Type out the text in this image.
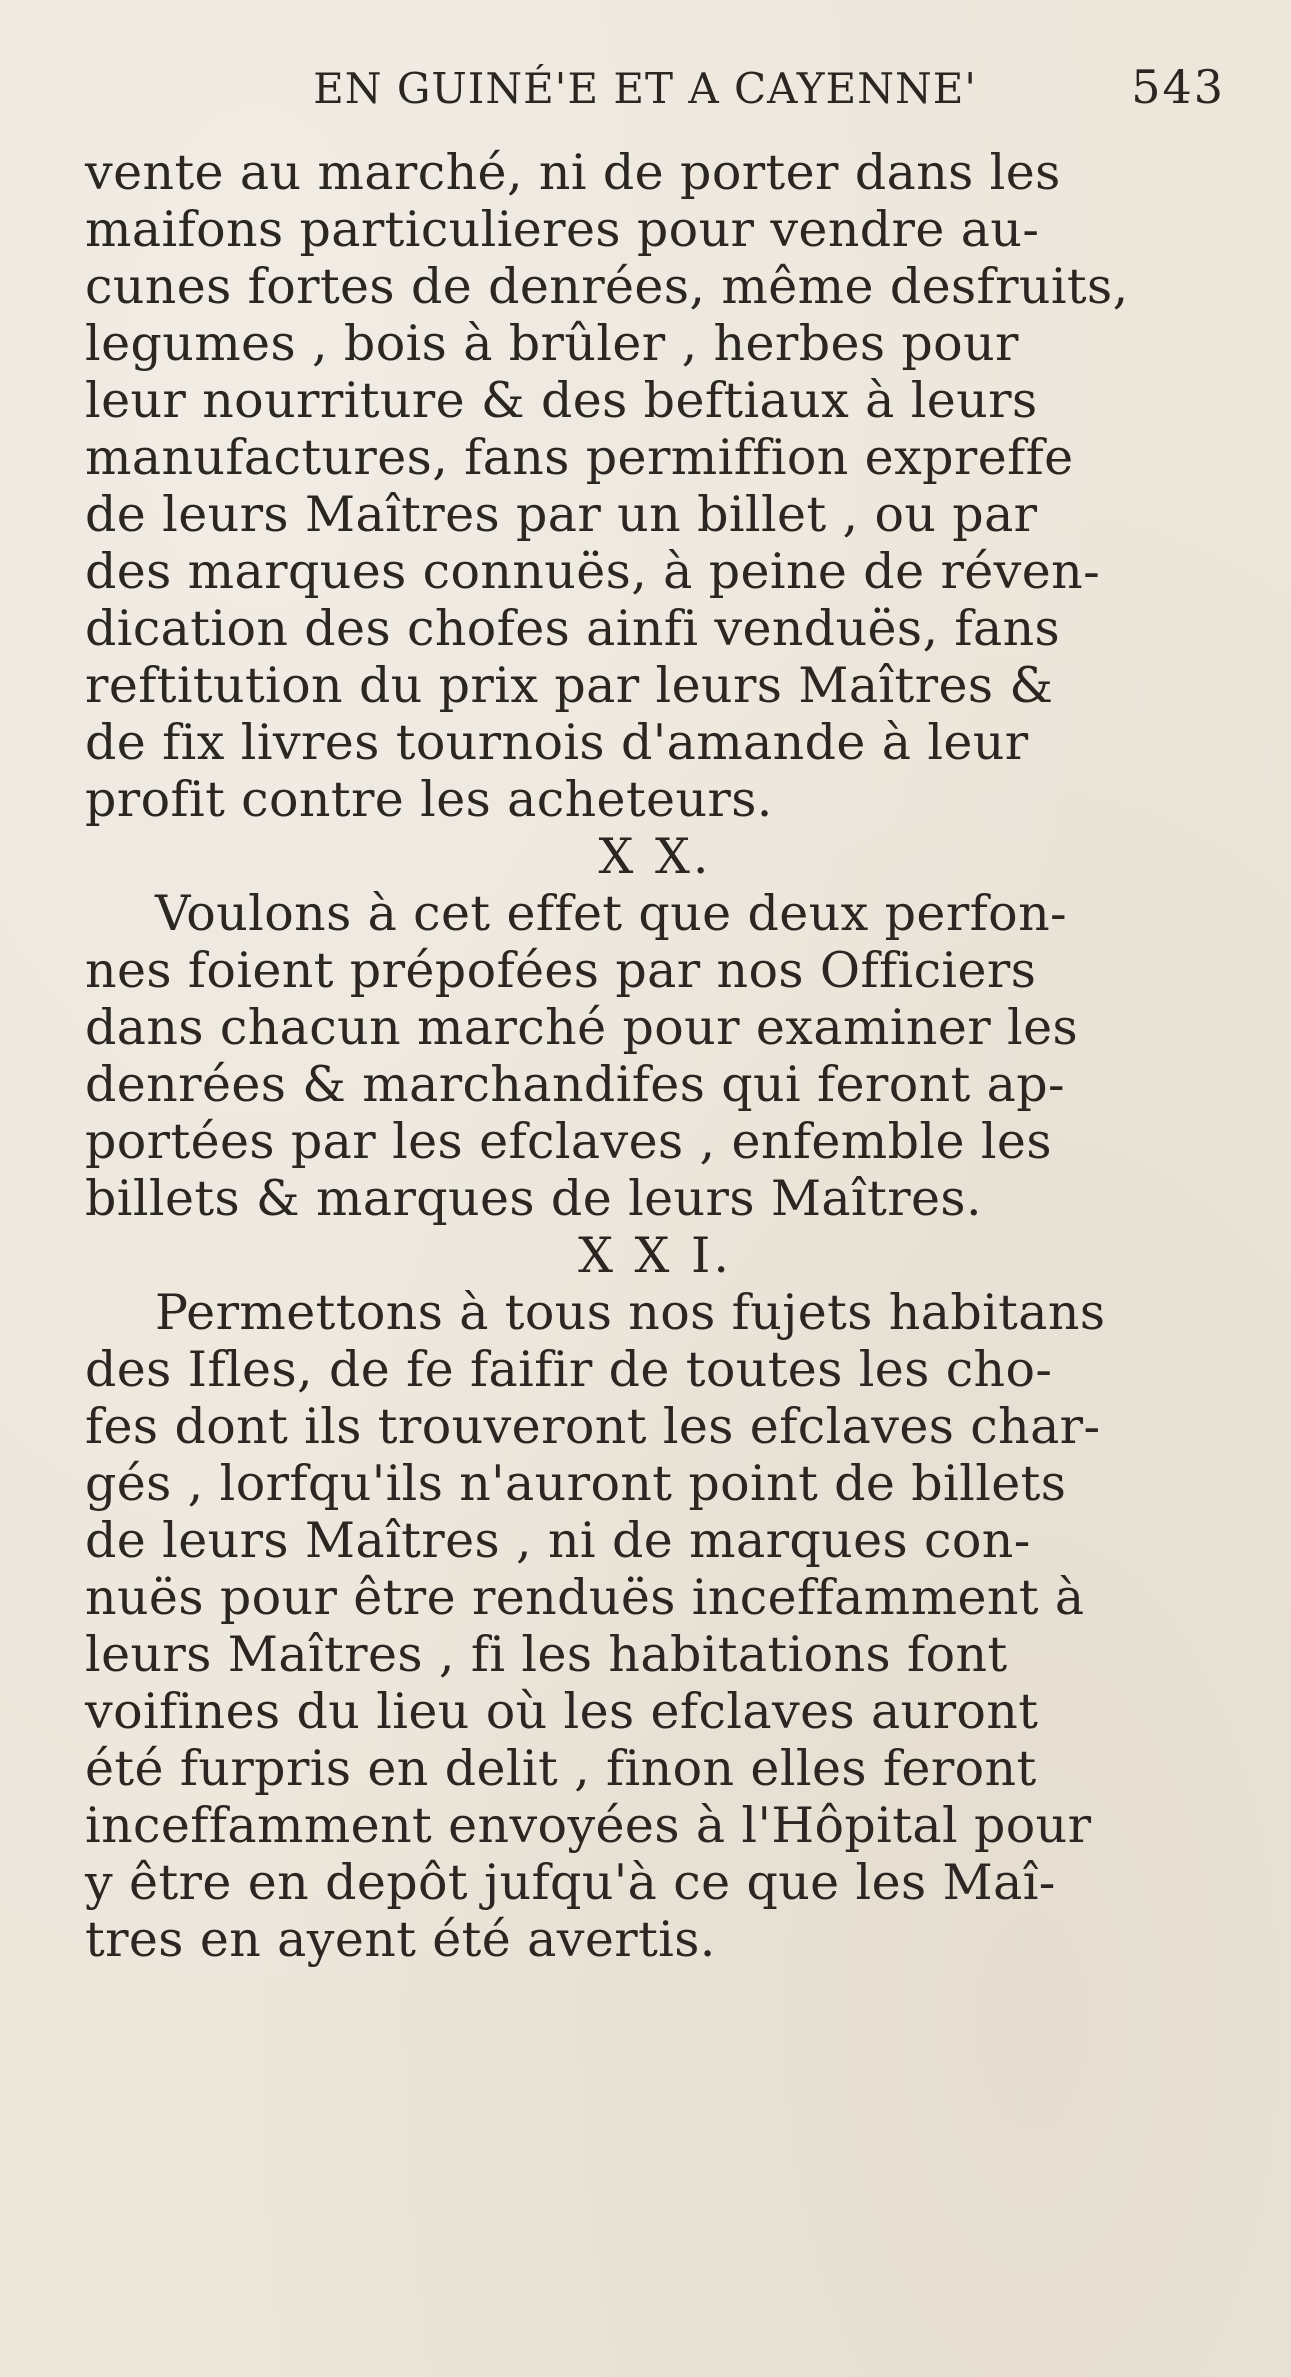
EN GUINÉ'E ET A CAYENNE'	543
vente au marché, ni de porter dans les
maifons particulieres pour vendre au-
cunes fortes de denrées, même desfruits,
legumes , bois à brûler , herbes pour
leur nourriture & des beftiaux à leurs
manufactures, fans permiffion expreffe
de leurs Maîtres par un billet , ou par
des marques connuës, à peine de réven-
dication des chofes ainfi venduës, fans
reftitution du prix par leurs Maîtres &
de fix livres tournois d'amande à leur
profit contre les acheteurs.
X X.
Voulons à cet effet que deux perfon-
nes foient prépofées par nos Officiers
dans chacun marché pour examiner les
denrées & marchandifes qui feront ap-
portées par les efclaves , enfemble les
billets & marques de leurs Maîtres.
X X I.
Permettons à tous nos fujets habitans
des Ifles, de fe faifir de toutes les cho-
fes dont ils trouveront les efclaves char-
gés , lorfqu'ils n'auront point de billets
de leurs Maîtres , ni de marques con-
nuës pour être renduës inceffamment à
leurs Maîtres , fi les habitations font
voifines du lieu où les efclaves auront
été furpris en delit , finon elles feront
inceffamment envoyées à l'Hôpital pour
y être en depôt jufqu'à ce que les Maî-
tres en ayent été avertis.
